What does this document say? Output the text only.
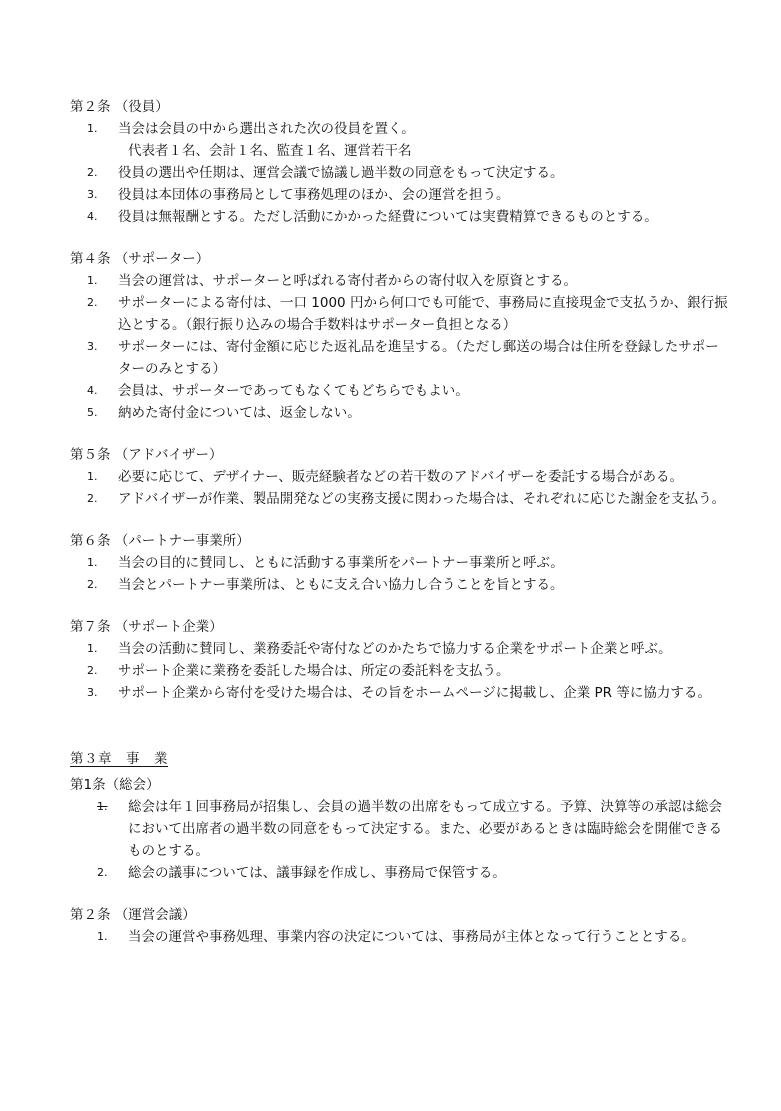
第２条 （役員）

1.	当会は会員の中から選出された次の役員を置く。
代表者１名、会計１名、監査１名、運営若干名
2.	役員の選出や任期は、運営会議で協議し過半数の同意をもって決定する。
3.	役員は本団体の事務局として事務処理のほか、会の運営を担う。
4.	役員は無報酬とする。ただし活動にかかった経費については実費精算できるものとする。

第４条 （サポーター）

1.	当会の運営は、サポーターと呼ばれる寄付者からの寄付収入を原資とする。
2.	サポーターによる寄付は、一口 1000 円から何口でも可能で、事務局に直接現金で支払うか、銀行振込とする。（銀行振り込みの場合手数料はサポーター負担となる）
3.	サポーターには、寄付金額に応じた返礼品を進呈する。（ただし郵送の場合は住所を登録したサポーターのみとする）
4.	会員は、サポーターであってもなくてもどちらでもよい。
5.	納めた寄付金については、返金しない。

第５条 （アドバイザー）

1.	必要に応じて、デザイナー、販売経験者などの若干数のアドバイザーを委託する場合がある。
2.	アドバイザーが作業、製品開発などの実務支援に関わった場合は、それぞれに応じた謝金を支払う。

第６条 （パートナー事業所）

1.	当会の目的に賛同し、ともに活動する事業所をパートナー事業所と呼ぶ。
2.	当会とパートナー事業所は、ともに支え合い協力し合うことを旨とする。

第７条 （サポート企業）

1.	当会の活動に賛同し、業務委託や寄付などのかたちで協力する企業をサポート企業と呼ぶ。
2.	サポート企業に業務を委託した場合は、所定の委託料を支払う。
3.	サポート企業から寄付を受けた場合は、その旨をホームページに掲載し、企業 PR 等に協力する。
第３章　事　業

第1条（総会）

1.	総会は年１回事務局が招集し、会員の過半数の出席をもって成立する。予算、決算等の承認は総会において出席者の過半数の同意をもって決定する。また、必要があるときは臨時総会を開催できるものとする。
2.	総会の議事については、議事録を作成し、事務局で保管する。

第２条 （運営会議）

1.	当会の運営や事務処理、事業内容の決定については、事務局が主体となって行うこととする。
